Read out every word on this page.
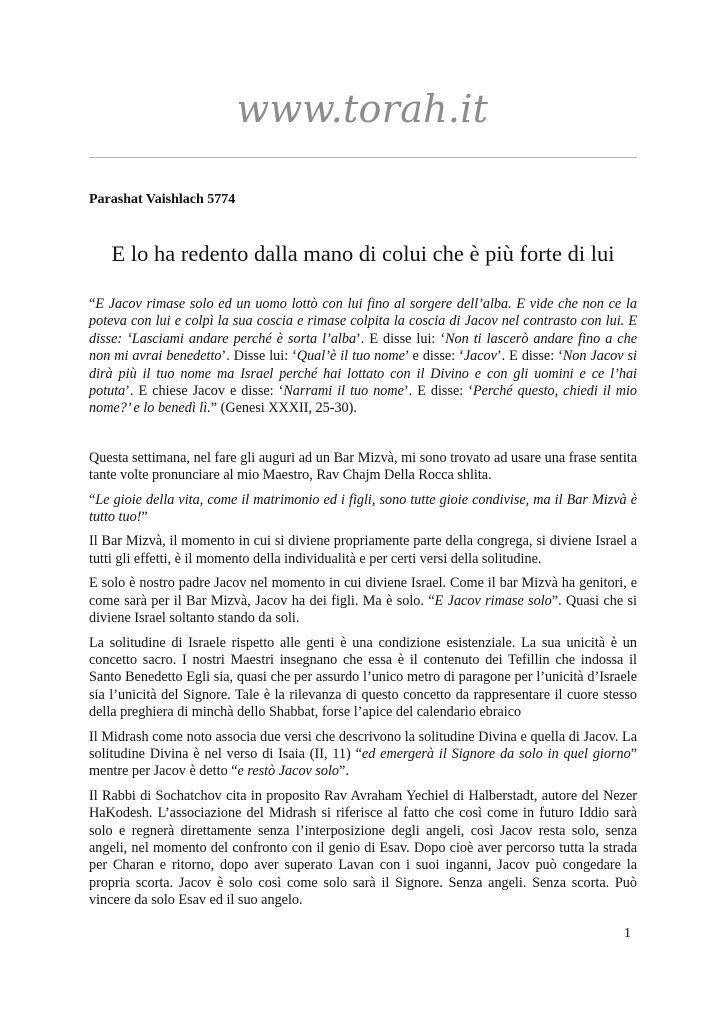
www.torah.it

Parashat Vaishlach 5774

E lo ha redento dalla mano di colui che è più forte di lui

“E Jacov rimase solo ed un uomo lottò con lui fino al sorgere dell’alba. E vide che non ce la poteva con lui e colpì la sua coscia e rimase colpita la coscia di Jacov nel contrasto con lui. E disse: ‘Lasciami andare perché è sorta l’alba’. E disse lui: ‘Non ti lascerò andare fino a che non mi avrai benedetto’. Disse lui: ‘Qual’è il tuo nome’ e disse: ‘Jacov’. E disse: ‘Non Jacov si dirà più il tuo nome ma Israel perché hai lottato con il Divino e con gli uomini e ce l’hai potuta’. E chiese Jacov e disse: ‘Narrami il tuo nome’. E disse: ‘Perché questo, chiedi il mio nome?’ e lo benedì lì.” (Genesi XXXII, 25-30).

Questa settimana, nel fare gli auguri ad un Bar Mizvà, mi sono trovato ad usare una frase sentita tante volte pronunciare al mio Maestro, Rav Chajm Della Rocca shlita.

“Le gioie della vita, come il matrimonio ed i figli, sono tutte gioie condivise, ma il Bar Mizvà è tutto tuo!”

Il Bar Mizvà, il momento in cui si diviene propriamente parte della congrega, si diviene Israel a tutti gli effetti, è il momento della individualità e per certi versi della solitudine.

E solo è nostro padre Jacov nel momento in cui diviene Israel. Come il bar Mizvà ha genitori, e come sarà per il Bar Mizvà, Jacov ha dei figli. Ma è solo. “E Jacov rimase solo”. Quasi che si diviene Israel soltanto stando da soli.

La solitudine di Israele rispetto alle genti è una condizione esistenziale. La sua unicità è un concetto sacro. I nostri Maestri insegnano che essa è il contenuto dei Tefillin che indossa il Santo Benedetto Egli sia, quasi che per assurdo l’unico metro di paragone per l’unicità d’Israele sia l’unicità del Signore. Tale è la rilevanza di questo concetto da rappresentare il cuore stesso della preghiera di minchà dello Shabbat, forse l’apice del calendario ebraico

Il Midrash come noto associa due versi che descrivono la solitudine Divina e quella di Jacov. La solitudine Divina è nel verso di Isaia (II, 11) “ed emergerà il Signore da solo in quel giorno” mentre per Jacov è detto “e restò Jacov solo”.

Il Rabbi di Sochatchov cita in proposito Rav Avraham Yechiel di Halberstadt, autore del Nezer HaKodesh. L’associazione del Midrash si riferisce al fatto che così come in futuro Iddio sarà solo e regnerà direttamente senza l’interposizione degli angeli, così Jacov resta solo, senza angeli, nel momento del confronto con il genio di Esav. Dopo cioè aver percorso tutta la strada per Charan e ritorno, dopo aver superato Lavan con i suoi inganni, Jacov può congedare la propria scorta. Jacov è solo così come solo sarà il Signore. Senza angeli. Senza scorta. Può vincere da solo Esav ed il suo angelo.

1
